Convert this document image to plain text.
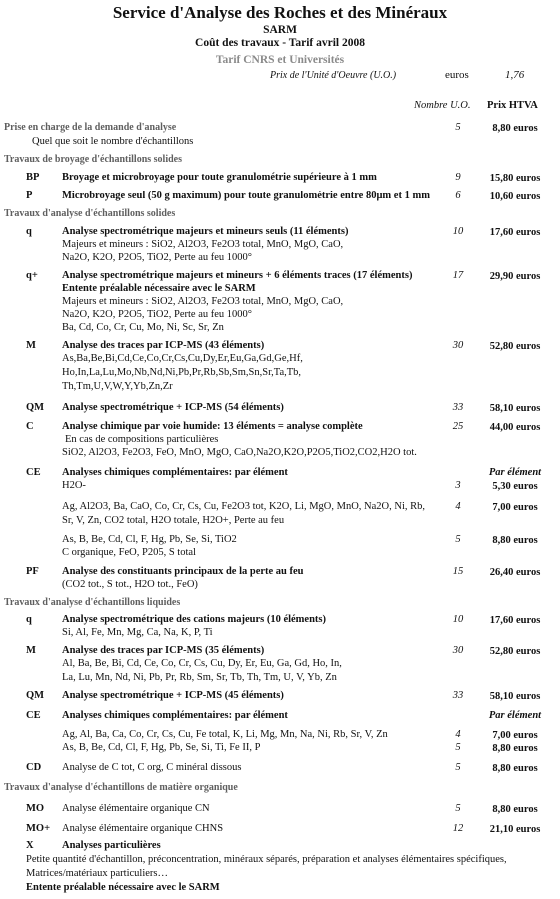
Service d'Analyse des Roches et des Minéraux
SARM
Coût des travaux - Tarif avril 2008
Tarif CNRS et Universités
Prix de l'Unité d'Oeuvre (U.O.)	euros	1,76
Nombre U.O. Prix HTVA
Prise en charge de la demande d'analyse
Quel que soit le nombre d'échantillons
5	8,80 euros
Travaux de broyage d'échantillons solides
BP Broyage et microbroyage pour toute granulométrie supérieure à 1 mm	9	15,80 euros
P	Microbroyage seul (50 g maximum) pour toute granulométrie entre 80μm et 1 mm	6	10,60 euros
Travaux d'analyse d'échantillons solides
q	Analyse spectrométrique majeurs et mineurs seuls (11 éléments)
Majeurs et mineurs : SiO2, Al2O3, Fe2O3 total, MnO, MgO, CaO,
Na2O, K2O, P2O5, TiO2, Perte au feu 1000°
10	17,60 euros
q+ Analyse spectrométrique majeurs et mineurs + 6 éléments traces (17 éléments)
Entente préalable nécessaire avec le SARM
Majeurs et mineurs : SiO2, Al2O3, Fe2O3 total, MnO, MgO, CaO,
Na2O, K2O, P2O5, TiO2, Perte au feu 1000°
Ba, Cd, Co, Cr, Cu, Mo, Ni, Sc, Sr, Zn
17	29,90 euros
M Analyse des traces par ICP-MS (43 éléments)
As,Ba,Be,Bi,Cd,Ce,Co,Cr,Cs,Cu,Dy,Er,Eu,Ga,Gd,Ge,Hf,
Ho,In,La,Lu,Mo,Nb,Nd,Ni,Pb,Pr,Rb,Sb,Sm,Sn,Sr,Ta,Tb,
Th,Tm,U,V,W,Y,Yb,Zn,Zr
30	52,80 euros
QM Analyse spectrométrique + ICP-MS (54 éléments)	33	58,10 euros
C	Analyse chimique par voie humide: 13 éléments = analyse complète
En cas de compositions particulières
SiO2, Al2O3, Fe2O3, FeO, MnO, MgO, CaO,Na2O,K2O,P2O5,TiO2,CO2,H2O tot.
25	44,00 euros
CE Analyses chimiques complémentaires: par élément	Par élément
H2O-	3	5,30 euros
Ag, Al2O3, Ba, CaO, Co, Cr, Cs, Cu, Fe2O3 tot, K2O, Li, MgO, MnO, Na2O, Ni, Rb,
Sr, V, Zn, CO2 total, H2O totale, H2O+, Perte au feu
4	7,00 euros
As, B, Be, Cd, Cl, F, Hg, Pb, Se, Si, TiO2
C organique, FeO, P205, S total
5	8,80 euros
PF Analyse des constituants principaux de la perte au feu
(CO2 tot., S tot., H2O tot., FeO)
15	26,40 euros
Travaux d'analyse d'échantillons liquides
q	Analyse spectrométrique des cations majeurs (10 éléments)
Si, Al, Fe, Mn, Mg, Ca, Na, K, P, Ti
10	17,60 euros
M Analyse des traces par ICP-MS (35 éléments)
Al, Ba, Be, Bi, Cd, Ce, Co, Cr, Cs, Cu, Dy, Er, Eu, Ga, Gd, Ho, In,
La, Lu, Mn, Nd, Ni, Pb, Pr, Rb, Sm, Sr, Tb, Th, Tm, U, V, Yb, Zn
30	52,80 euros
QM Analyse spectrométrique + ICP-MS (45 éléments)	33	58,10 euros
CE Analyses chimiques complémentaires: par élément	Par élément
Ag, Al, Ba, Ca, Co, Cr, Cs, Cu, Fe total, K, Li, Mg, Mn, Na, Ni, Rb, Sr, V, Zn	4	7,00 euros
As, B, Be, Cd, Cl, F, Hg, Pb, Se, Si, Ti, Fe II, P	5	8,80 euros
CD Analyse de C tot, C org, C minéral dissous	5	8,80 euros
Travaux d'analyse d'échantillons de matière organique
MO Analyse élémentaire organique CN	5	8,80 euros
MO+ Analyse élémentaire organique CHNS	12	21,10 euros
X	Analyses particulières
Petite quantité d'échantillon, préconcentration, minéraux séparés, préparation et analyses élémentaires spécifiques,
Matrices/matériaux particuliers…
Entente préalable nécessaire avec le SARM
